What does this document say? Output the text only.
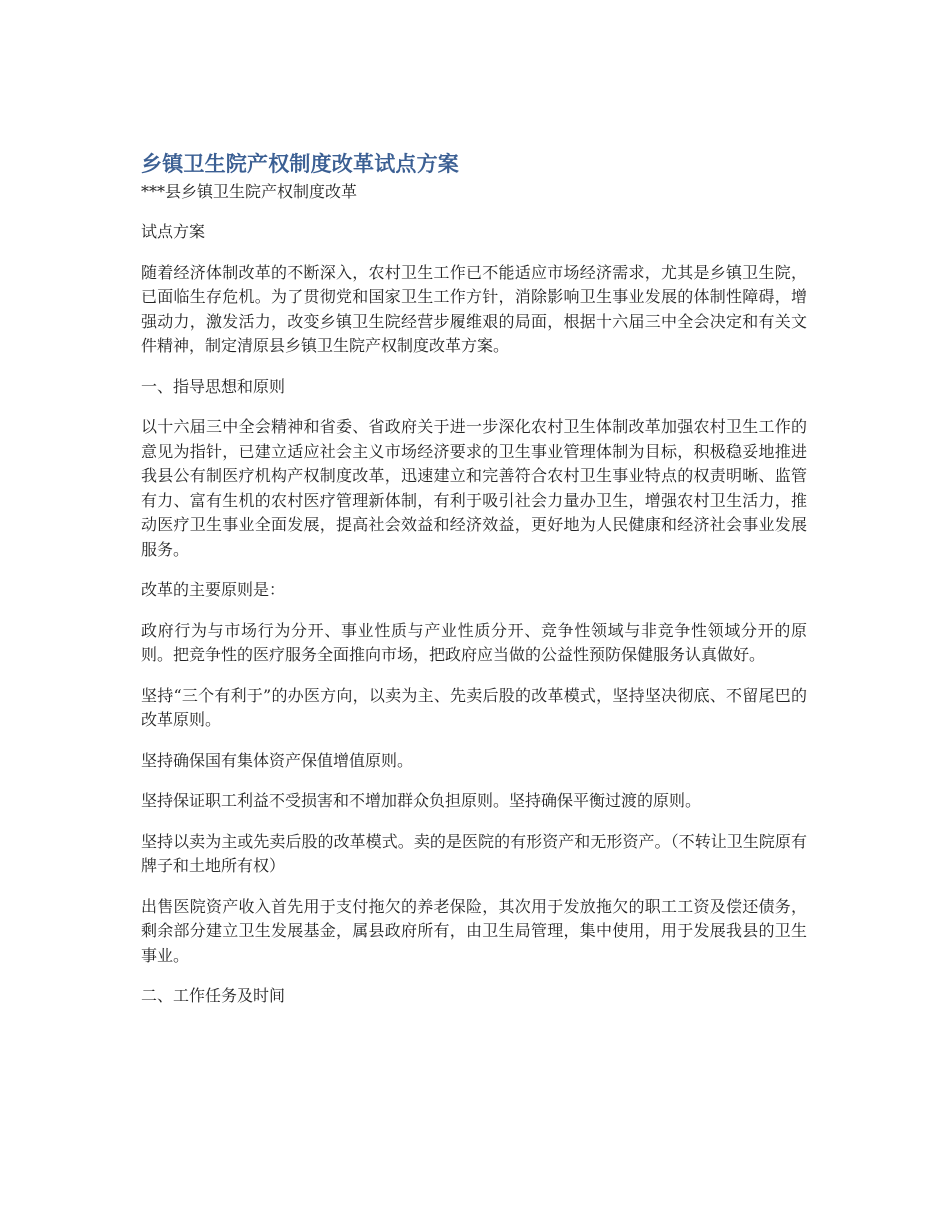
乡镇卫生院产权制度改革试点方案

***县乡镇卫生院产权制度改革

试点方案

随着经济体制改革的不断深入，农村卫生工作已不能适应市场经济需求，尤其是乡镇卫生院，已面临生存危机。为了贯彻党和国家卫生工作方针，消除影响卫生事业发展的体制性障碍，增强动力，激发活力，改变乡镇卫生院经营步履维艰的局面，根据十六届三中全会决定和有关文件精神，制定清原县乡镇卫生院产权制度改革方案。

一、指导思想和原则

以十六届三中全会精神和省委、省政府关于进一步深化农村卫生体制改革加强农村卫生工作的意见为指针，已建立适应社会主义市场经济要求的卫生事业管理体制为目标，积极稳妥地推进我县公有制医疗机构产权制度改革，迅速建立和完善符合农村卫生事业特点的权责明晰、监管有力、富有生机的农村医疗管理新体制，有利于吸引社会力量办卫生，增强农村卫生活力，推动医疗卫生事业全面发展，提高社会效益和经济效益，更好地为人民健康和经济社会事业发展服务。

改革的主要原则是：

政府行为与市场行为分开、事业性质与产业性质分开、竞争性领域与非竞争性领域分开的原则。把竞争性的医疗服务全面推向市场，把政府应当做的公益性预防保健服务认真做好。

坚持“三个有利于”的办医方向，以卖为主、先卖后股的改革模式，坚持坚决彻底、不留尾巴的改革原则。

坚持确保国有集体资产保值增值原则。

坚持保证职工利益不受损害和不增加群众负担原则。坚持确保平衡过渡的原则。

坚持以卖为主或先卖后股的改革模式。卖的是医院的有形资产和无形资产。（不转让卫生院原有牌子和土地所有权）

出售医院资产收入首先用于支付拖欠的养老保险，其次用于发放拖欠的职工工资及偿还债务，剩余部分建立卫生发展基金，属县政府所有，由卫生局管理，集中使用，用于发展我县的卫生事业。

二、工作任务及时间
